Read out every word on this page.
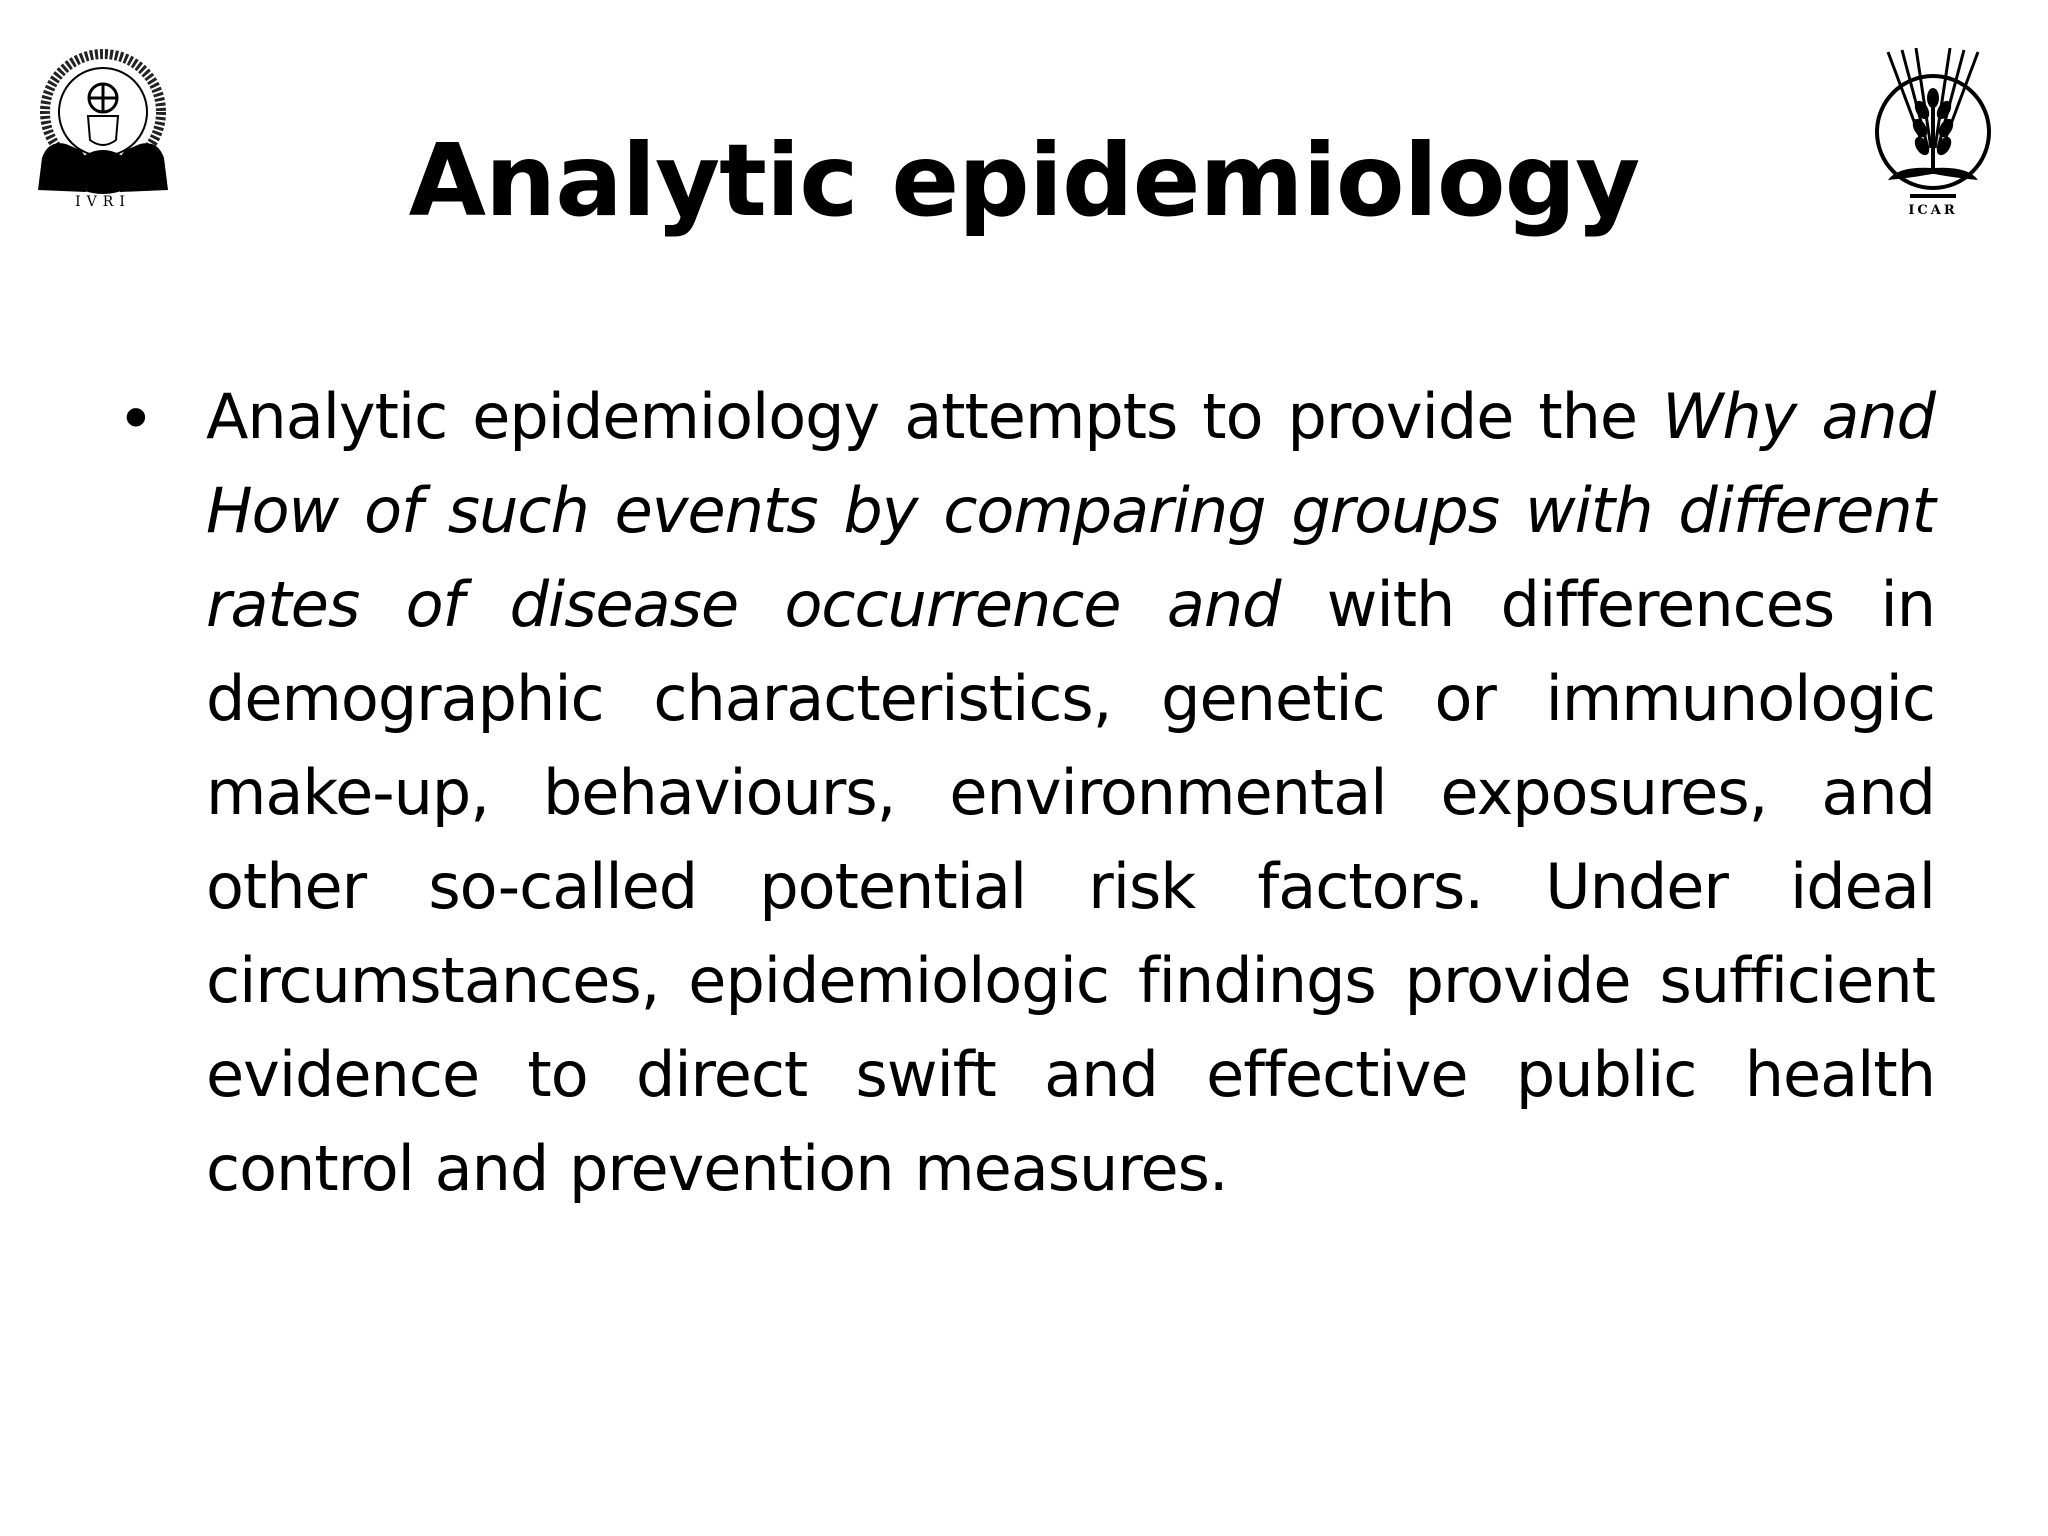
IVRI
ICAR
Analytic epidemiology
• Analytic epidemiology attempts to provide the Why and How of such events by comparing groups with different rates of disease occurrence and with differences in demographic characteristics, genetic or immunologic make-up, behaviours, environmental exposures, and other so-called potential risk factors. Under ideal circumstances, epidemiologic findings provide sufficient evidence to direct swift and effective public health control and prevention measures.
